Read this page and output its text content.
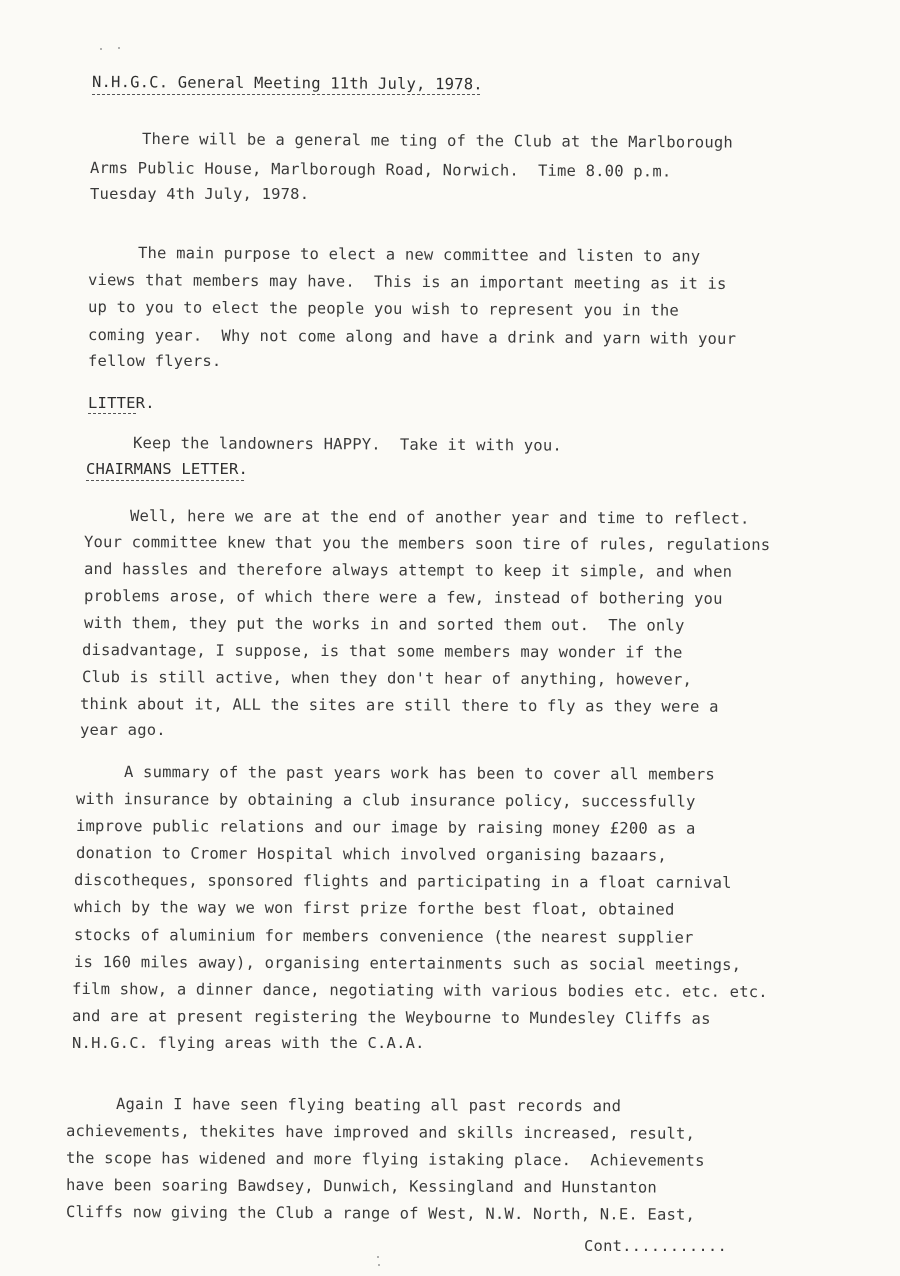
N.H.G.C. General Meeting 11th July, 1978.
There will be a general me ting of the Club at the Marlborough
Arms Public House, Marlborough Road, Norwich.  Time 8.00 p.m.
Tuesday 4th July, 1978.
The main purpose to elect a new committee and listen to any
views that members may have.  This is an important meeting as it is
up to you to elect the people you wish to represent you in the
coming year.  Why not come along and have a drink and yarn with your
fellow flyers.
LITTER.
Keep the landowners HAPPY.  Take it with you.
CHAIRMANS LETTER.
Well, here we are at the end of another year and time to reflect.
Your committee knew that you the members soon tire of rules, regulations
and hassles and therefore always attempt to keep it simple, and when
problems arose, of which there were a few, instead of bothering you
with them, they put the works in and sorted them out.  The only
disadvantage, I suppose, is that some members may wonder if the
Club is still active, when they don't hear of anything, however,
think about it, ALL the sites are still there to fly as they were a
year ago.
A summary of the past years work has been to cover all members
with insurance by obtaining a club insurance policy, successfully
improve public relations and our image by raising money £200 as a
donation to Cromer Hospital which involved organising bazaars,
discotheques, sponsored flights and participating in a float carnival
which by the way we won first prize forthe best float, obtained
stocks of aluminium for members convenience (the nearest supplier
is 160 miles away), organising entertainments such as social meetings,
film show, a dinner dance, negotiating with various bodies etc. etc. etc.
and are at present registering the Weybourne to Mundesley Cliffs as
N.H.G.C. flying areas with the C.A.A.
Again I have seen flying beating all past records and
achievements, thekites have improved and skills increased, result,
the scope has widened and more flying istaking place.  Achievements
have been soaring Bawdsey, Dunwich, Kessingland and Hunstanton
Cliffs now giving the Club a range of West, N.W. North, N.E. East,
Cont...........
